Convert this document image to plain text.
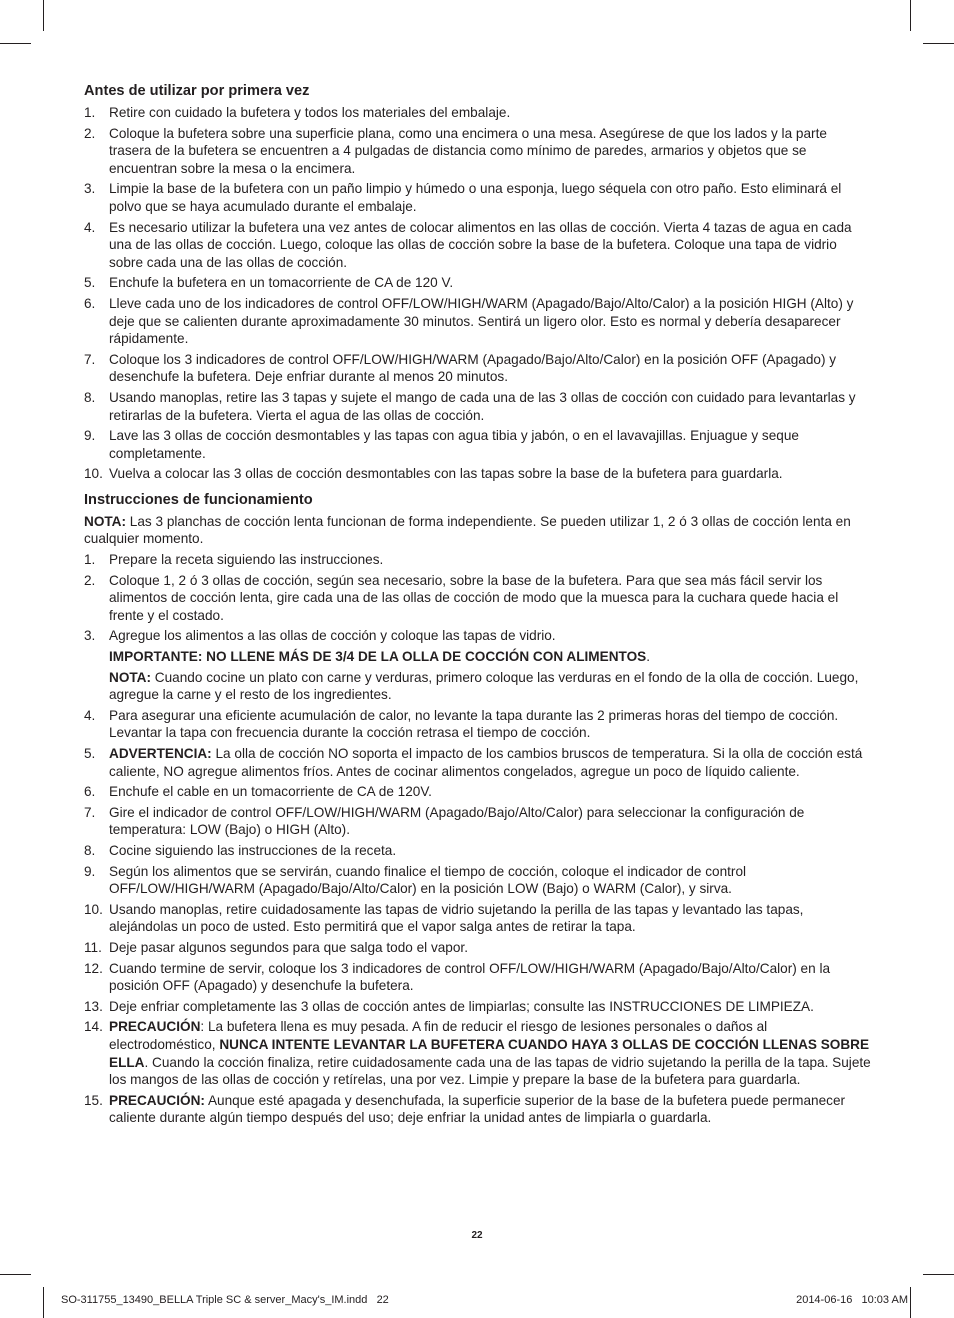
Antes de utilizar por primera vez
1.	Retire con cuidado la bufetera y todos los materiales del embalaje.
2.	Coloque la bufetera sobre una superficie plana, como una encimera o una mesa. Asegúrese de que los lados y la parte trasera de la bufetera se encuentren a 4 pulgadas de distancia como mínimo de paredes, armarios y objetos que se encuentran sobre la mesa o la encimera.
3.	Limpie la base de la bufetera con un paño limpio y húmedo o una esponja, luego séquela con otro paño. Esto eliminará el polvo que se haya acumulado durante el embalaje.
4.	Es necesario utilizar la bufetera una vez antes de colocar alimentos en las ollas de cocción. Vierta 4 tazas de agua en cada una de las ollas de cocción. Luego, coloque las ollas de cocción sobre la base de la bufetera. Coloque una tapa de vidrio sobre cada una de las ollas de cocción.
5.	Enchufe la bufetera en un tomacorriente de CA de 120 V.
6.	Lleve cada uno de los indicadores de control OFF/LOW/HIGH/WARM (Apagado/Bajo/Alto/Calor) a la posición HIGH (Alto) y deje que se calienten durante aproximadamente 30 minutos. Sentirá un ligero olor. Esto es normal y debería desaparecer rápidamente.
7.	Coloque los 3 indicadores de control OFF/LOW/HIGH/WARM (Apagado/Bajo/Alto/Calor) en la posición OFF (Apagado) y desenchufe la bufetera. Deje enfriar durante al menos 20 minutos.
8.	Usando manoplas, retire las 3 tapas y sujete el mango de cada una de las 3 ollas de cocción con cuidado para levantarlas y retirarlas de la bufetera. Vierta el agua de las ollas de cocción.
9.	Lave las 3 ollas de cocción desmontables y las tapas con agua tibia y jabón, o en el lavavajillas. Enjuague y seque completamente.
10. Vuelva a colocar las 3 ollas de cocción desmontables con las tapas sobre la base de la bufetera para guardarla.
Instrucciones de funcionamiento

NOTA: Las 3 planchas de cocción lenta funcionan de forma independiente. Se pueden utilizar 1, 2 ó 3 ollas de cocción lenta en cualquier momento.

1.	Prepare la receta siguiendo las instrucciones.
2.	Coloque 1, 2 ó 3 ollas de cocción, según sea necesario, sobre la base de la bufetera. Para que sea más fácil servir los alimentos de cocción lenta, gire cada una de las ollas de cocción de modo que la muesca para la cuchara quede hacia el frente y el costado.
3.	Agregue los alimentos a las ollas de cocción y coloque las tapas de vidrio.

IMPORTANTE: NO LLENE MÁS DE 3/4 DE LA OLLA DE COCCIÓN CON ALIMENTOS.

NOTA: Cuando cocine un plato con carne y verduras, primero coloque las verduras en el fondo de la olla de cocción. Luego, agregue la carne y el resto de los ingredientes.

4.	Para asegurar una eficiente acumulación de calor, no levante la tapa durante las 2 primeras horas del tiempo de cocción. Levantar la tapa con frecuencia durante la cocción retrasa el tiempo de cocción.
5.	ADVERTENCIA: La olla de cocción NO soporta el impacto de los cambios bruscos de temperatura. Si la olla de cocción está caliente, NO agregue alimentos fríos. Antes de cocinar alimentos congelados, agregue un poco de líquido caliente.
6.	Enchufe el cable en un tomacorriente de CA de 120V.
7.	Gire el indicador de control OFF/LOW/HIGH/WARM (Apagado/Bajo/Alto/Calor) para seleccionar la configuración de temperatura: LOW (Bajo) o HIGH (Alto).
8.	Cocine siguiendo las instrucciones de la receta.
9.	Según los alimentos que se servirán, cuando finalice el tiempo de cocción, coloque el indicador de control OFF/LOW/HIGH/WARM (Apagado/Bajo/Alto/Calor) en la posición LOW (Bajo) o WARM (Calor), y sirva.
10. Usando manoplas, retire cuidadosamente las tapas de vidrio sujetando la perilla de las tapas y levantado las tapas, alejándolas un poco de usted. Esto permitirá que el vapor salga antes de retirar la tapa.
11. Deje pasar algunos segundos para que salga todo el vapor.
12. Cuando termine de servir, coloque los 3 indicadores de control OFF/LOW/HIGH/WARM (Apagado/Bajo/Alto/Calor) en la posición OFF (Apagado) y desenchufe la bufetera.
13. Deje enfriar completamente las 3 ollas de cocción antes de limpiarlas; consulte las INSTRUCCIONES DE LIMPIEZA.
14. PRECAUCIÓN: La bufetera llena es muy pesada. A fin de reducir el riesgo de lesiones personales o daños al electrodoméstico, NUNCA INTENTE LEVANTAR LA BUFETERA CUANDO HAYA 3 OLLAS DE COCCIÓN LLENAS SOBRE ELLA. Cuando la cocción finaliza, retire cuidadosamente cada una de las tapas de vidrio sujetando la perilla de la tapa. Sujete los mangos de las ollas de cocción y retírelas, una por vez. Limpie y prepare la base de la bufetera para guardarla.
15. PRECAUCIÓN: Aunque esté apagada y desenchufada, la superficie superior de la base de la bufetera puede permanecer caliente durante algún tiempo después del uso; deje enfriar la unidad antes de limpiarla o guardarla.
22
SO-311755_13490_BELLA Triple SC & server_Macy's_IM.indd   22	2014-06-16   10:03 AM
